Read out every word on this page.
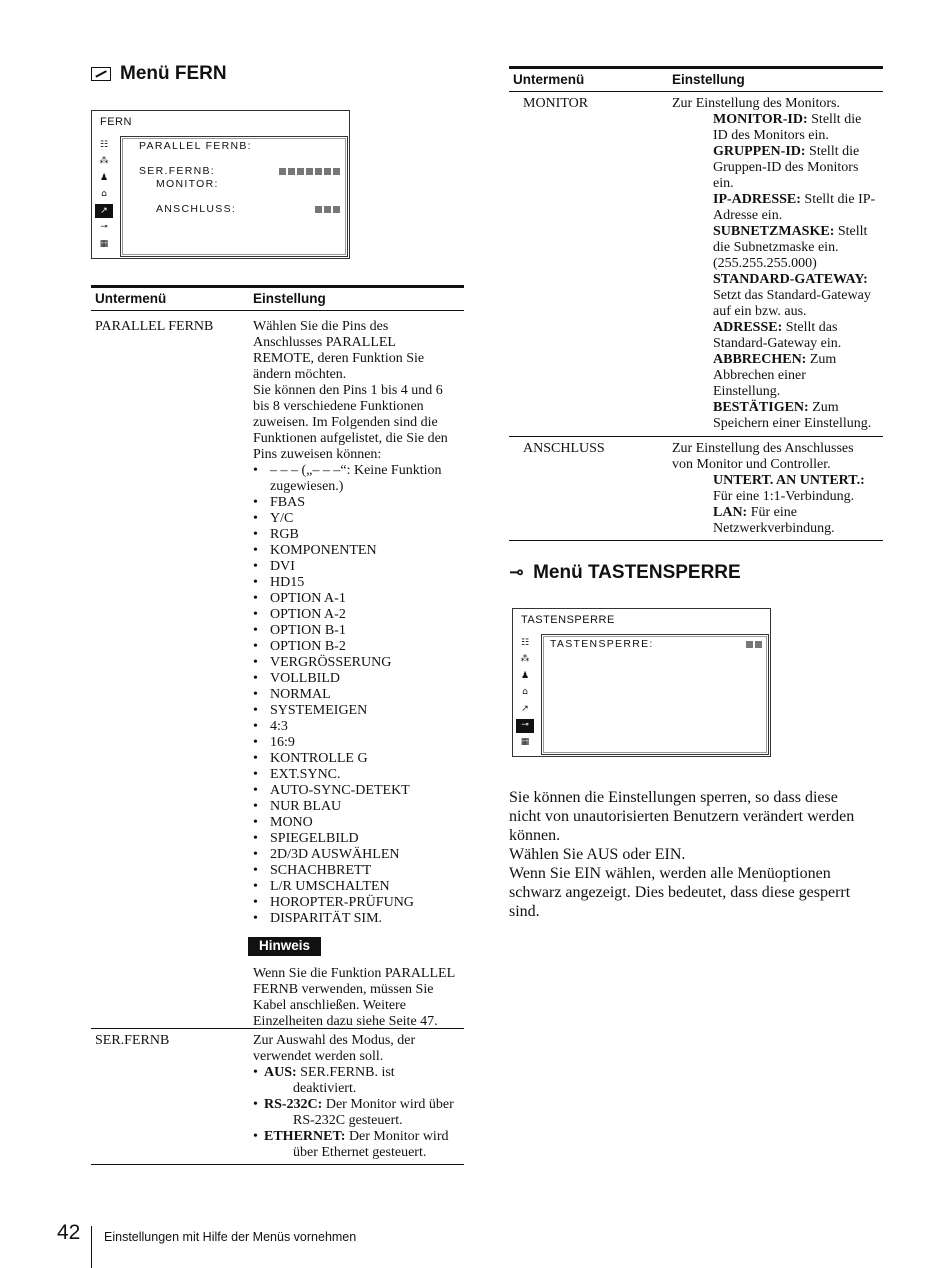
Menü FERN
FERN
☷
⁂
♟
⌂
↗
⊸
▦
PARALLEL FERNB:
SER.FERNB:
MONITOR:
ANSCHLUSS:
Untermenü	Einstellung
PARALLEL FERNB	Wählen Sie die Pins des

Anschlusses PARALLEL

REMOTE, deren Funktion Sie

ändern möchten.

Sie können den Pins 1 bis 4 und 6

bis 8 verschiedene Funktionen

zuweisen. Im Folgenden sind die

Funktionen aufgelistet, die Sie den

Pins zuweisen können:

• – – – („– – –“: Keine Funktion
zugewiesen.)
• FBAS
• Y/C
• RGB
• KOMPONENTEN
• DVI
• HD15
• OPTION A-1
• OPTION A-2
• OPTION B-1
• OPTION B-2
• VERGRÖSSERUNG
• VOLLBILD
• NORMAL
• SYSTEMEIGEN
• 4:3
• 16:9
• KONTROLLE G
• EXT.SYNC.
• AUTO-SYNC-DETEKT
• NUR BLAU
• MONO
• SPIEGELBILD
• 2D/3D AUSWÄHLEN
• SCHACHBRETT
• L/R UMSCHALTEN
• HOROPTER-PRÜFUNG
• DISPARITÄT SIM.
Hinweis

Wenn Sie die Funktion PARALLEL

FERNB verwenden, müssen Sie

Kabel anschließen. Weitere

Einzelheiten dazu siehe Seite 47.

SER.FERNB	Zur Auswahl des Modus, der

verwendet werden soll.

• AUS: SER.FERNB. ist

deaktiviert.

• RS-232C: Der Monitor wird über

RS-232C gesteuert.

• ETHERNET: Der Monitor wird

über Ethernet gesteuert.

Untermenü	Einstellung
MONITOR	Zur Einstellung des Monitors.

MONITOR-ID: Stellt die

ID des Monitors ein.

GRUPPEN-ID: Stellt die

Gruppen-ID des Monitors

ein.

IP-ADRESSE: Stellt die IP-

Adresse ein.

SUBNETZMASKE: Stellt

die Subnetzmaske ein.

(255.255.255.000)

STANDARD-GATEWAY:

Setzt das Standard-Gateway

auf ein bzw. aus.

ADRESSE: Stellt das

Standard-Gateway ein.

ABBRECHEN: Zum

Abbrechen einer

Einstellung.

BESTÄTIGEN: Zum

Speichern einer Einstellung.

ANSCHLUSS	Zur Einstellung des Anschlusses

von Monitor und Controller.

UNTERT. AN UNTERT.:

Für eine 1:1-Verbindung.

LAN: Für eine

Netzwerkverbindung.

⊸ Menü TASTENSPERRE
TASTENSPERRE
☷
⁂
♟
⌂
↗
⊸
▦
TASTENSPERRE:
Sie können die Einstellungen sperren, so dass diese
nicht von unautorisierten Benutzern verändert werden
können.
Wählen Sie AUS oder EIN.
Wenn Sie EIN wählen, werden alle Menüoptionen
schwarz angezeigt. Dies bedeutet, dass diese gesperrt
sind.
42 Einstellungen mit Hilfe der Menüs vornehmen
